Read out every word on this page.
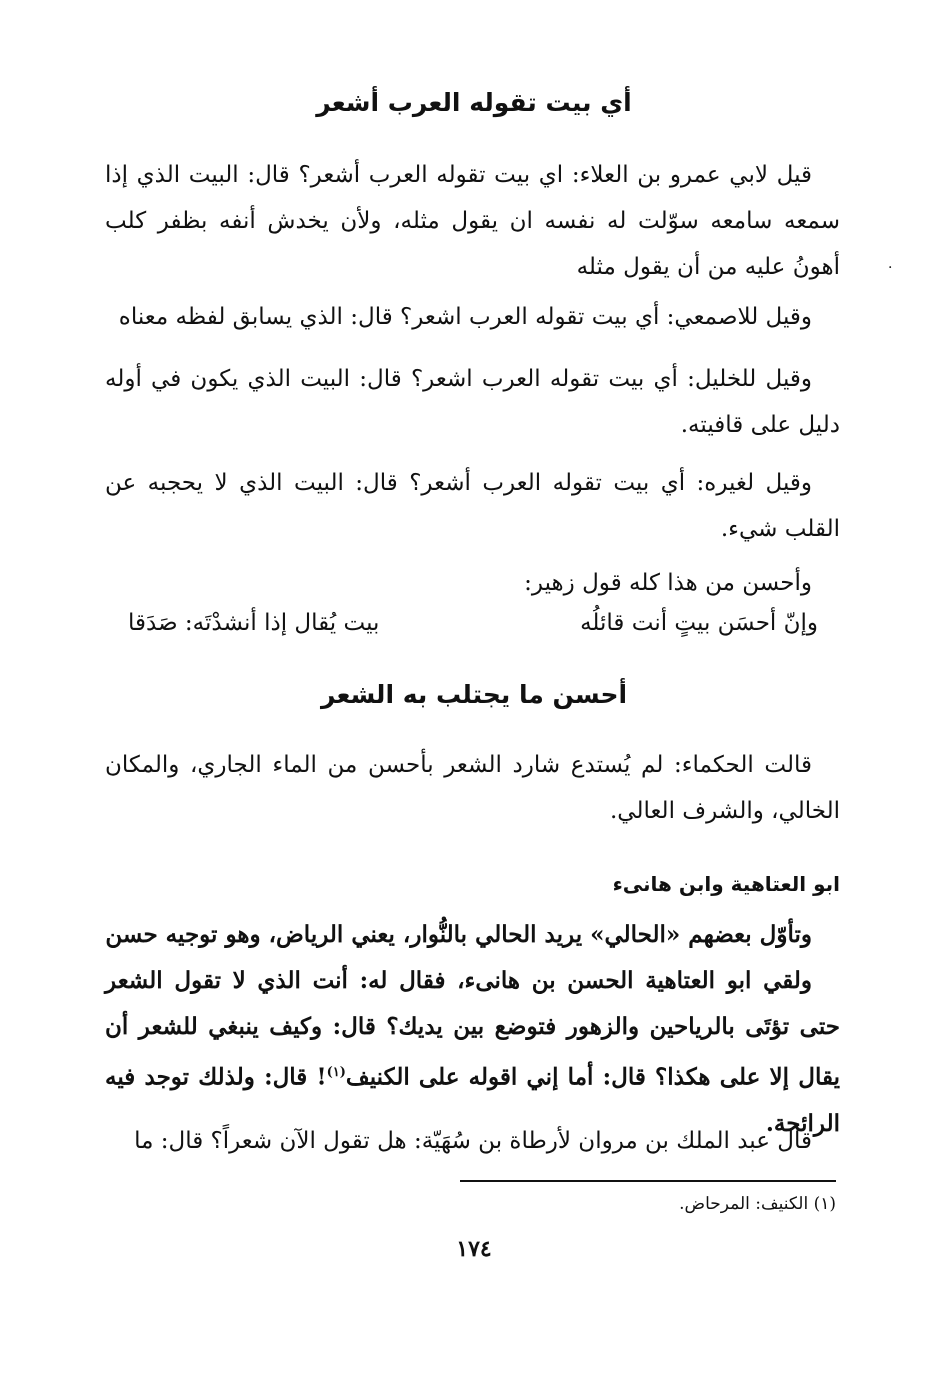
أي بيت تقوله العرب أشعر

قيل لابي عمرو بن العلاء: اي بيت تقوله العرب أشعر؟ قال: البيت الذي إذا سمعه سامعه سوّلت له نفسه ان يقول مثله، ولأن يخدش أنفه بظفر كلب أهونُ عليه من أن يقول مثله

وقيل للاصمعي: أي بيت تقوله العرب اشعر؟ قال: الذي يسابق لفظه معناه

وقيل للخليل: أي بيت تقوله العرب اشعر؟ قال: البيت الذي يكون في أوله دليل على قافيته.

وقيل لغيره: أي بيت تقوله العرب أشعر؟ قال: البيت الذي لا يحجبه عن القلب شيء.

وأحسن من هذا كله قول زهير:

وإنّ أحسَن بيتٍ أنت قائلُه
بيت يُقال إذا أنشدْتَه: صَدَقا
أحسن ما يجتلب به الشعر

قالت الحكماء: لم يُستدع شارد الشعر بأحسن من الماء الجاري، والمكان الخالي، والشرف العالي.

ابو العتاهية وابن هانىء

وتأوّل بعضهم «الحالي» يريد الحالي بالنُّوار، يعني الرياض، وهو توجيه حسن

ولقي ابو العتاهية الحسن بن هانىء، فقال له: أنت الذي لا تقول الشعر حتى تؤتَى بالرياحين والزهور فتوضع بين يديك؟ قال: وكيف ينبغي للشعر أن يقال إلا على هكذا؟ قال: أما إني اقوله على الكنيف$^{(١)}$! قال: ولذلك توجد فيه الرائحة.

قال عبد الملك بن مروان لأرطاة بن سُهَيّة: هل تقول الآن شعراً؟ قال: ما

(١) الكنيف: المرحاض.
١٧٤
·
